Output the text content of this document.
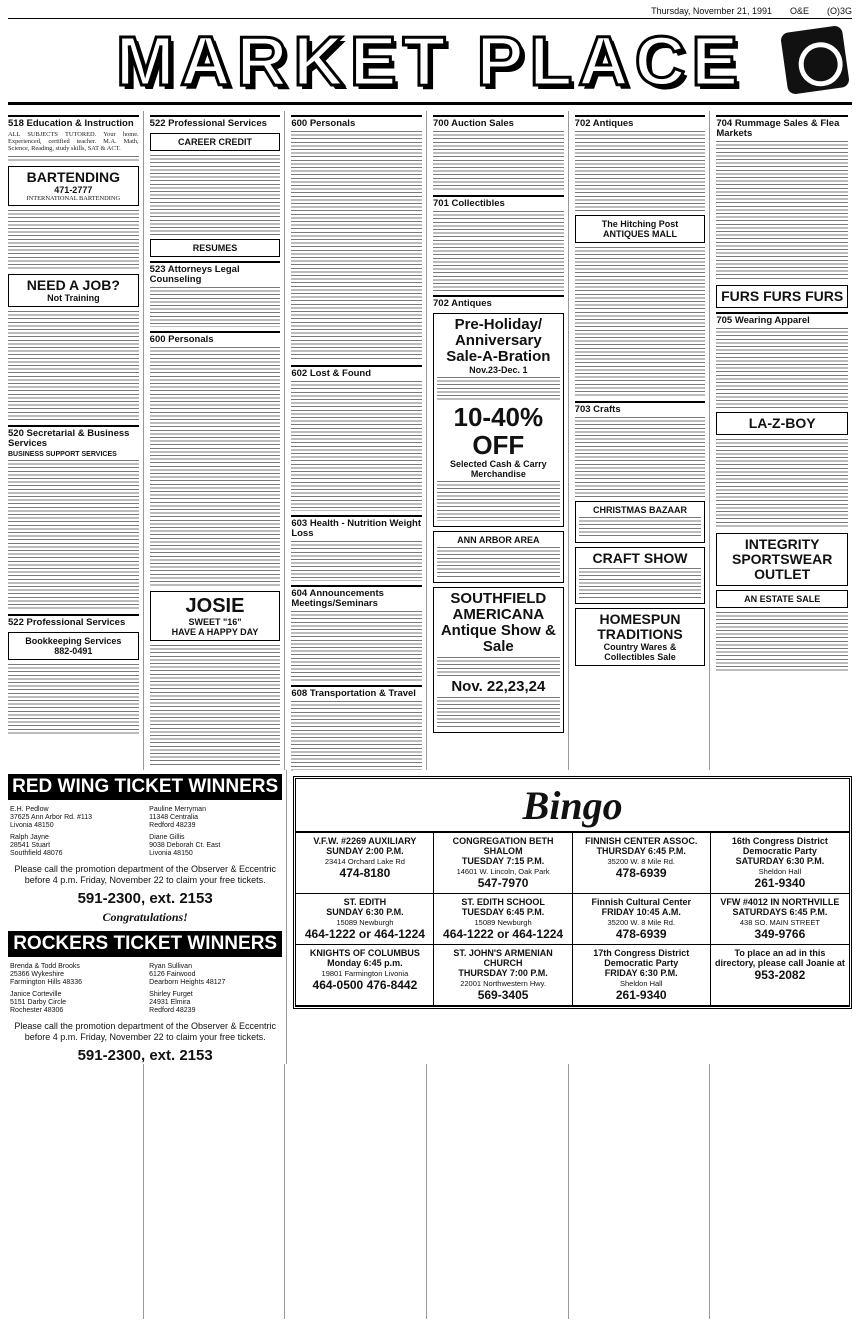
Thursday, November 21, 1991 O&E (O)3G
MARKET PLACE
518 Education & Instruction

ALL SUBJECTS TUTORED. Your home. Experienced, certified teacher. M.A. Math, Science, Reading, study skills, SAT & ACT.

BARTENDING
471-2777
INTERNATIONAL BARTENDING
NEED A JOB?
Not Training
520 Secretarial & Business Services
BUSINESS SUPPORT SERVICES
522 Professional Services
Bookkeeping Services
882-0491
522 Professional Services
CAREER CREDIT
RESUMES
523 Attorneys Legal Counseling
600 Personals
JOSIE
SWEET "16"
HAVE A HAPPY DAY
600 Personals
602 Lost & Found
603 Health - Nutrition Weight Loss
604 Announcements Meetings/Seminars
608 Transportation & Travel
700 Auction Sales
701 Collectibles
702 Antiques
Pre-Holiday/ Anniversary Sale-A-Bration
Nov.23-Dec. 1
10-40%
OFF
Selected Cash & Carry Merchandise
ANN ARBOR AREA
SOUTHFIELD AMERICANA Antique Show & Sale
Nov. 22,23,24
702 Antiques
The Hitching Post ANTIQUES MALL
703 Crafts
CHRISTMAS BAZAAR
CRAFT SHOW
HOMESPUN TRADITIONS
Country Wares & Collectibles Sale
704 Rummage Sales & Flea Markets
FURS FURS FURS
705 Wearing Apparel
LA-Z-BOY
INTEGRITY SPORTSWEAR OUTLET
AN ESTATE SALE
RED WING TICKET WINNERS
E.H. Pedlow
37625 Ann Arbor Rd. #113
Livonia 48150
Pauline Merryman
11348 Centralia
Redford 48239
Ralph Jayne
28541 Stuart
Southfield 48076
Diane Gillis
9038 Deborah Ct. East
Livonia 48150

Please call the promotion department of the Observer & Eccentric before 4 p.m. Friday, November 22 to claim your free tickets.

591-2300, ext. 2153
Congratulations!
ROCKERS TICKET WINNERS
Brenda & Todd Brooks
25366 Wykeshire
Farmington Hills 48336
Ryan Sullivan
6126 Fairwood
Dearborn Heights 48127
Janice Corteville
5151 Darby Circle
Rochester 48306
Shirley Furget
24931 Elmira
Redford 48239

Please call the promotion department of the Observer & Eccentric before 4 p.m. Friday, November 22 to claim your free tickets.

591-2300, ext. 2153
Bingo
V.F.W. #2269 AUXILIARY
SUNDAY 2:00 P.M.
23414 Orchard Lake Rd
474-8180
CONGREGATION BETH SHALOM
TUESDAY 7:15 P.M.
14601 W. Lincoln, Oak Park
547-7970
FINNISH CENTER ASSOC.
THURSDAY 6:45 P.M.
35200 W. 8 Mile Rd.
478-6939
16th Congress District Democratic Party
SATURDAY 6:30 P.M.
Sheldon Hall
261-9340
ST. EDITH
SUNDAY 6:30 P.M.
15089 Newburgh
464-1222 or 464-1224
ST. EDITH SCHOOL
TUESDAY 6:45 P.M.
15089 Newburgh
464-1222 or 464-1224
Finnish Cultural Center
FRIDAY 10:45 A.M.
35200 W. 8 Mile Rd.
478-6939
VFW #4012 IN NORTHVILLE
SATURDAYS 6:45 P.M.
438 SO. MAIN STREET
349-9766
KNIGHTS OF COLUMBUS
Monday 6:45 p.m.
19801 Farmington Livonia
464-0500 476-8442
ST. JOHN'S ARMENIAN CHURCH
THURSDAY 7:00 P.M.
22001 Northwestern Hwy.
569-3405
17th Congress District Democratic Party
FRIDAY 6:30 P.M.
Sheldon Hall
261-9340
To place an ad in this directory, please call Joanie at
953-2082
